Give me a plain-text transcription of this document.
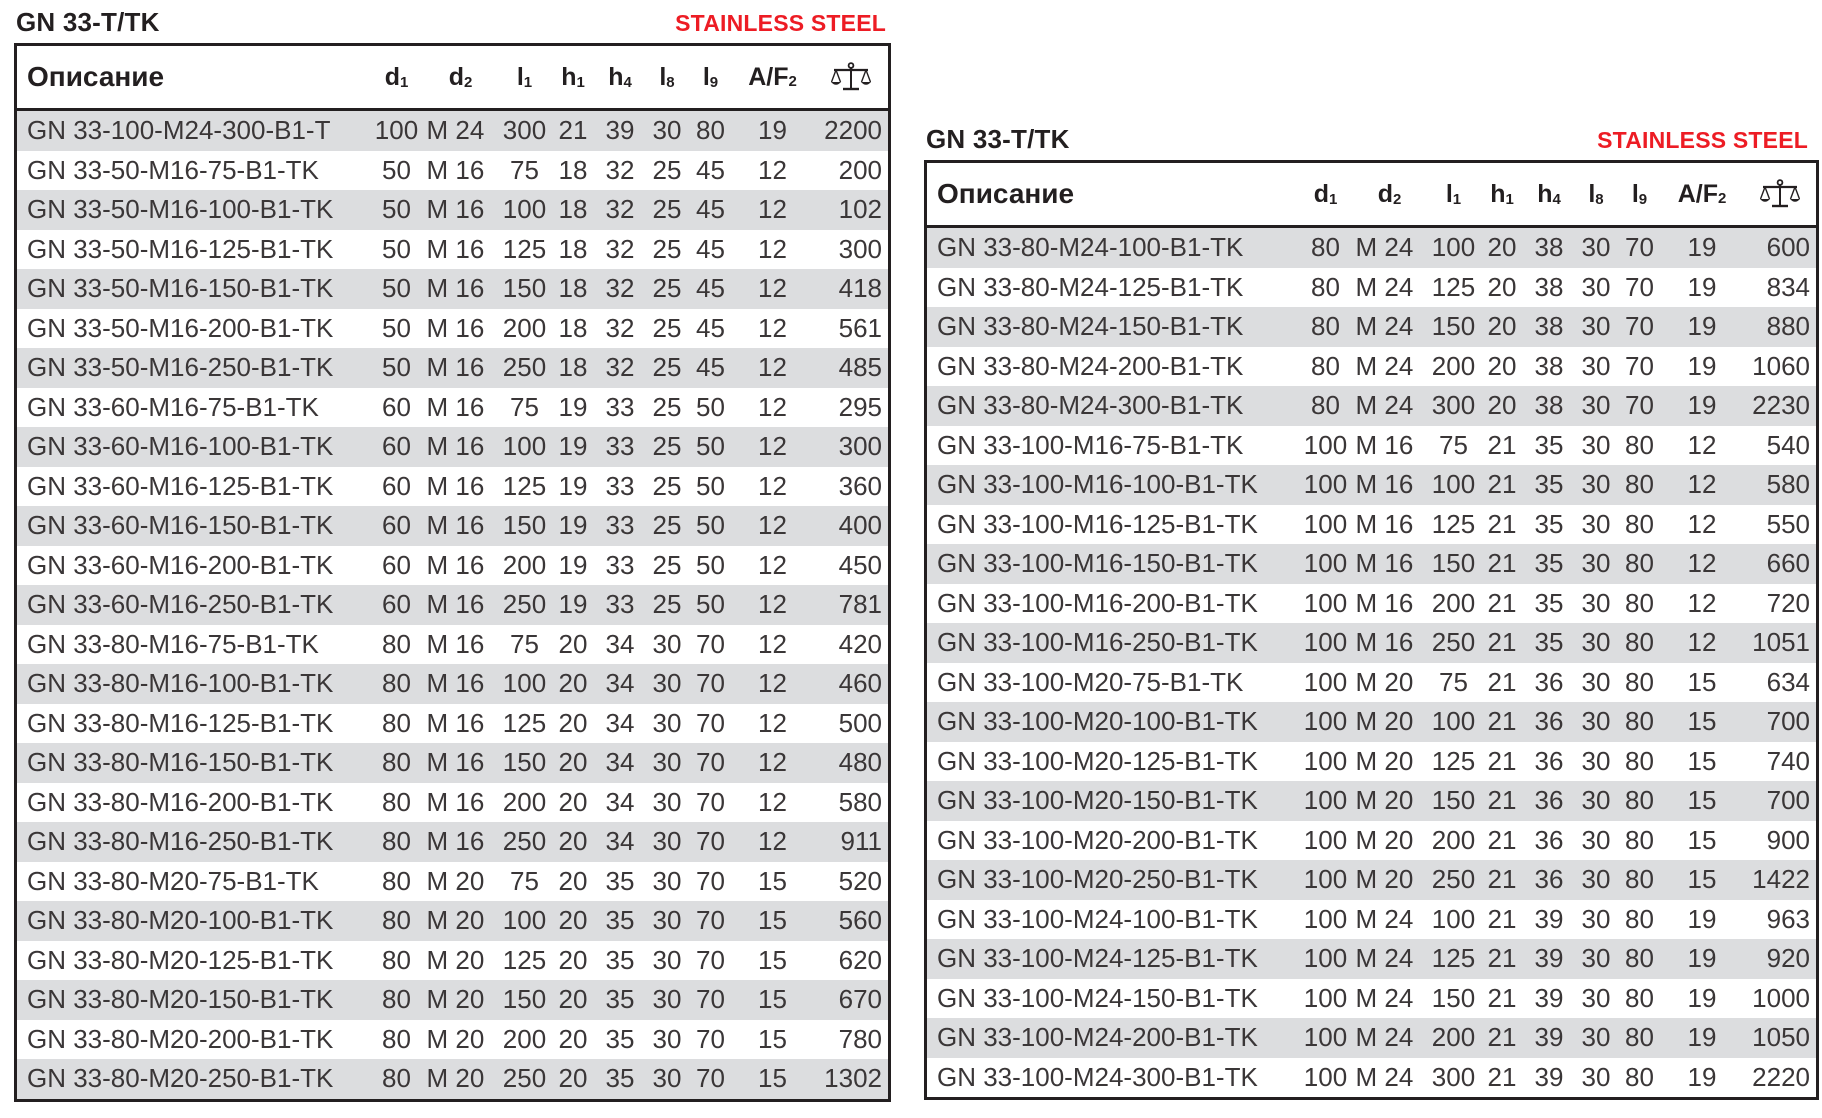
GN 33-T/TK	STAINLESS STEEL
Описание	$d_1$	$d_2$	$l_1$	$h_1$	$h_4$	$l_8$	$l_9$	$A/F_2$	
GN 33-100-M24-300-B1-T	100	M 24	300	21	39	30	80	19	2200
GN 33-50-M16-75-B1-TK	50	M 16	75	18	32	25	45	12	200
GN 33-50-M16-100-B1-TK	50	M 16	100	18	32	25	45	12	102
GN 33-50-M16-125-B1-TK	50	M 16	125	18	32	25	45	12	300
GN 33-50-M16-150-B1-TK	50	M 16	150	18	32	25	45	12	418
GN 33-50-M16-200-B1-TK	50	M 16	200	18	32	25	45	12	561
GN 33-50-M16-250-B1-TK	50	M 16	250	18	32	25	45	12	485
GN 33-60-M16-75-B1-TK	60	M 16	75	19	33	25	50	12	295
GN 33-60-M16-100-B1-TK	60	M 16	100	19	33	25	50	12	300
GN 33-60-M16-125-B1-TK	60	M 16	125	19	33	25	50	12	360
GN 33-60-M16-150-B1-TK	60	M 16	150	19	33	25	50	12	400
GN 33-60-M16-200-B1-TK	60	M 16	200	19	33	25	50	12	450
GN 33-60-M16-250-B1-TK	60	M 16	250	19	33	25	50	12	781
GN 33-80-M16-75-B1-TK	80	M 16	75	20	34	30	70	12	420
GN 33-80-M16-100-B1-TK	80	M 16	100	20	34	30	70	12	460
GN 33-80-M16-125-B1-TK	80	M 16	125	20	34	30	70	12	500
GN 33-80-M16-150-B1-TK	80	M 16	150	20	34	30	70	12	480
GN 33-80-M16-200-B1-TK	80	M 16	200	20	34	30	70	12	580
GN 33-80-M16-250-B1-TK	80	M 16	250	20	34	30	70	12	911
GN 33-80-M20-75-B1-TK	80	M 20	75	20	35	30	70	15	520
GN 33-80-M20-100-B1-TK	80	M 20	100	20	35	30	70	15	560
GN 33-80-M20-125-B1-TK	80	M 20	125	20	35	30	70	15	620
GN 33-80-M20-150-B1-TK	80	M 20	150	20	35	30	70	15	670
GN 33-80-M20-200-B1-TK	80	M 20	200	20	35	30	70	15	780
GN 33-80-M20-250-B1-TK	80	M 20	250	20	35	30	70	15	1302
GN 33-T/TK	STAINLESS STEEL
Описание	$d_1$	$d_2$	$l_1$	$h_1$	$h_4$	$l_8$	$l_9$	$A/F_2$	
GN 33-80-M24-100-B1-TK	80	M 24	100	20	38	30	70	19	600
GN 33-80-M24-125-B1-TK	80	M 24	125	20	38	30	70	19	834
GN 33-80-M24-150-B1-TK	80	M 24	150	20	38	30	70	19	880
GN 33-80-M24-200-B1-TK	80	M 24	200	20	38	30	70	19	1060
GN 33-80-M24-300-B1-TK	80	M 24	300	20	38	30	70	19	2230
GN 33-100-M16-75-B1-TK	100	M 16	75	21	35	30	80	12	540
GN 33-100-M16-100-B1-TK	100	M 16	100	21	35	30	80	12	580
GN 33-100-M16-125-B1-TK	100	M 16	125	21	35	30	80	12	550
GN 33-100-M16-150-B1-TK	100	M 16	150	21	35	30	80	12	660
GN 33-100-M16-200-B1-TK	100	M 16	200	21	35	30	80	12	720
GN 33-100-M16-250-B1-TK	100	M 16	250	21	35	30	80	12	1051
GN 33-100-M20-75-B1-TK	100	M 20	75	21	36	30	80	15	634
GN 33-100-M20-100-B1-TK	100	M 20	100	21	36	30	80	15	700
GN 33-100-M20-125-B1-TK	100	M 20	125	21	36	30	80	15	740
GN 33-100-M20-150-B1-TK	100	M 20	150	21	36	30	80	15	700
GN 33-100-M20-200-B1-TK	100	M 20	200	21	36	30	80	15	900
GN 33-100-M20-250-B1-TK	100	M 20	250	21	36	30	80	15	1422
GN 33-100-M24-100-B1-TK	100	M 24	100	21	39	30	80	19	963
GN 33-100-M24-125-B1-TK	100	M 24	125	21	39	30	80	19	920
GN 33-100-M24-150-B1-TK	100	M 24	150	21	39	30	80	19	1000
GN 33-100-M24-200-B1-TK	100	M 24	200	21	39	30	80	19	1050
GN 33-100-M24-300-B1-TK	100	M 24	300	21	39	30	80	19	2220
